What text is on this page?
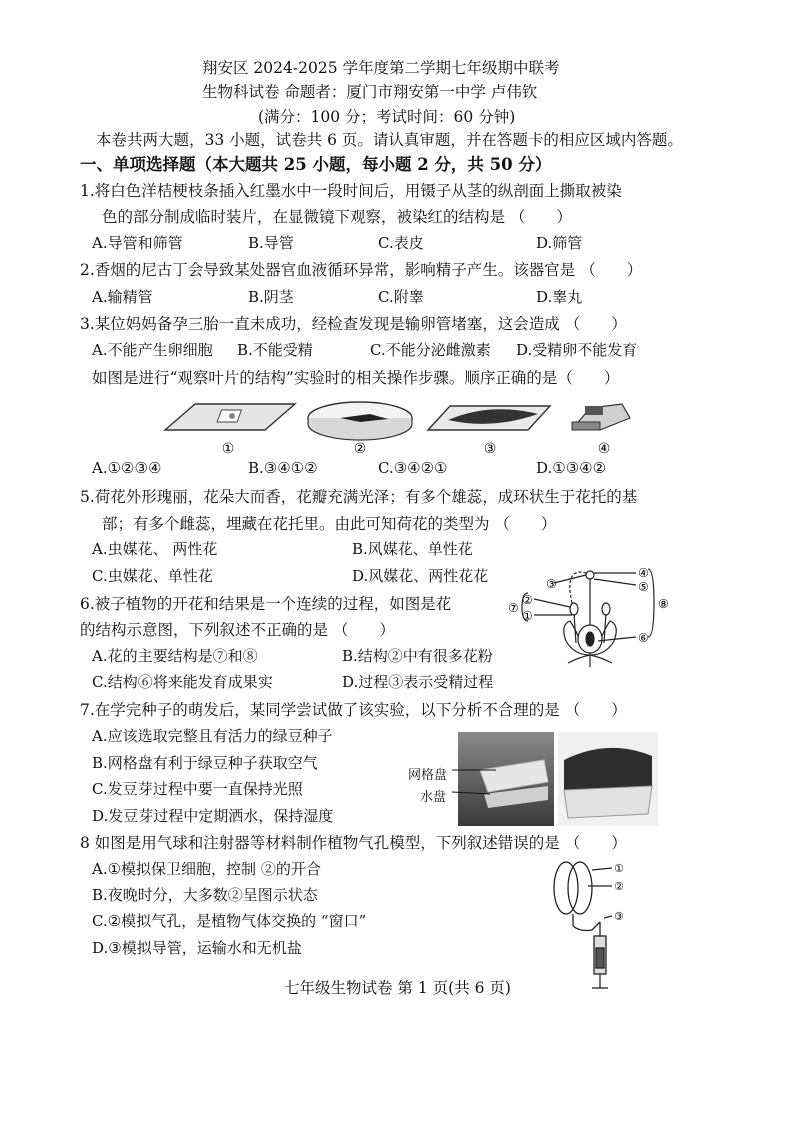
翔安区 2024-2025 学年度第二学期七年级期中联考
生物科试卷 命题者：厦门市翔安第一中学 卢伟钦
(满分：100 分；考试时间：60 分钟)
本卷共两大题，33 小题，试卷共 6 页。请认真审题，并在答题卡的相应区域内答题。
一、单项选择题（本大题共 25 小题，每小题 2 分，共 50 分）
1.将白色洋桔梗枝条插入红墨水中一段时间后，用镊子从茎的纵剖面上撕取被染
色的部分制成临时装片，在显微镜下观察，被染红的结构是 （　　）
A.导管和筛管	B.导管	C.表皮	D.筛管
2.香烟的尼古丁会导致某处器官血液循环异常，影响精子产生。该器官是 （　　）
A.输精管	B.阴茎	C.附睾	D.睾丸
3.某位妈妈备孕三胎一直未成功，经检查发现是输卵管堵塞，这会造成 （　　）
A.不能产生卵细胞 B.不能受精	C.不能分泌雌激素 D.受精卵不能发育
如图是进行“观察叶片的结构”实验时的相关操作步骤。顺序正确的是（　　）
①	②	③	④
A.①②③④	B.③④①②	C.③④②①	D.①③④②
5.荷花外形瑰丽，花朵大而香，花瓣充满光泽；有多个雄蕊，成环状生于花托的基
部；有多个雌蕊，埋藏在花托里。由此可知荷花的类型为 （　　）
A.虫媒花、 两性花	B.风媒花、单性花
C.虫媒花、单性花	D.风媒花、两性花花
6.被子植物的开花和结果是一个连续的过程，如图是花
的结构示意图，下列叙述不正确的是 （　　）
A.花的主要结构是⑦和⑧	B.结构②中有很多花粉
C.结构⑥将来能发育成果实	D.过程③表示受精过程
③
④
⑤
②
⑦
①
⑧
⑥
7.在学完种子的萌发后，某同学尝试做了该实验，以下分析不合理的是 （　　）
A.应该选取完整且有活力的绿豆种子
B.网格盘有利于绿豆种子获取空气
C.发豆芽过程中要一直保持光照
D.发豆芽过程中定期洒水，保持湿度
网格盘
水盘
8 如图是用气球和注射器等材料制作植物气孔模型，下列叙述错误的是 （　　）
A.①模拟保卫细胞，控制 ②的开合
B.夜晚时分，大多数②呈图示状态
C.②模拟气孔，是植物气体交换的 “窗口”
D.③模拟导管，运输水和无机盐
①
②
③
七年级生物试卷 第 1 页(共 6 页)
